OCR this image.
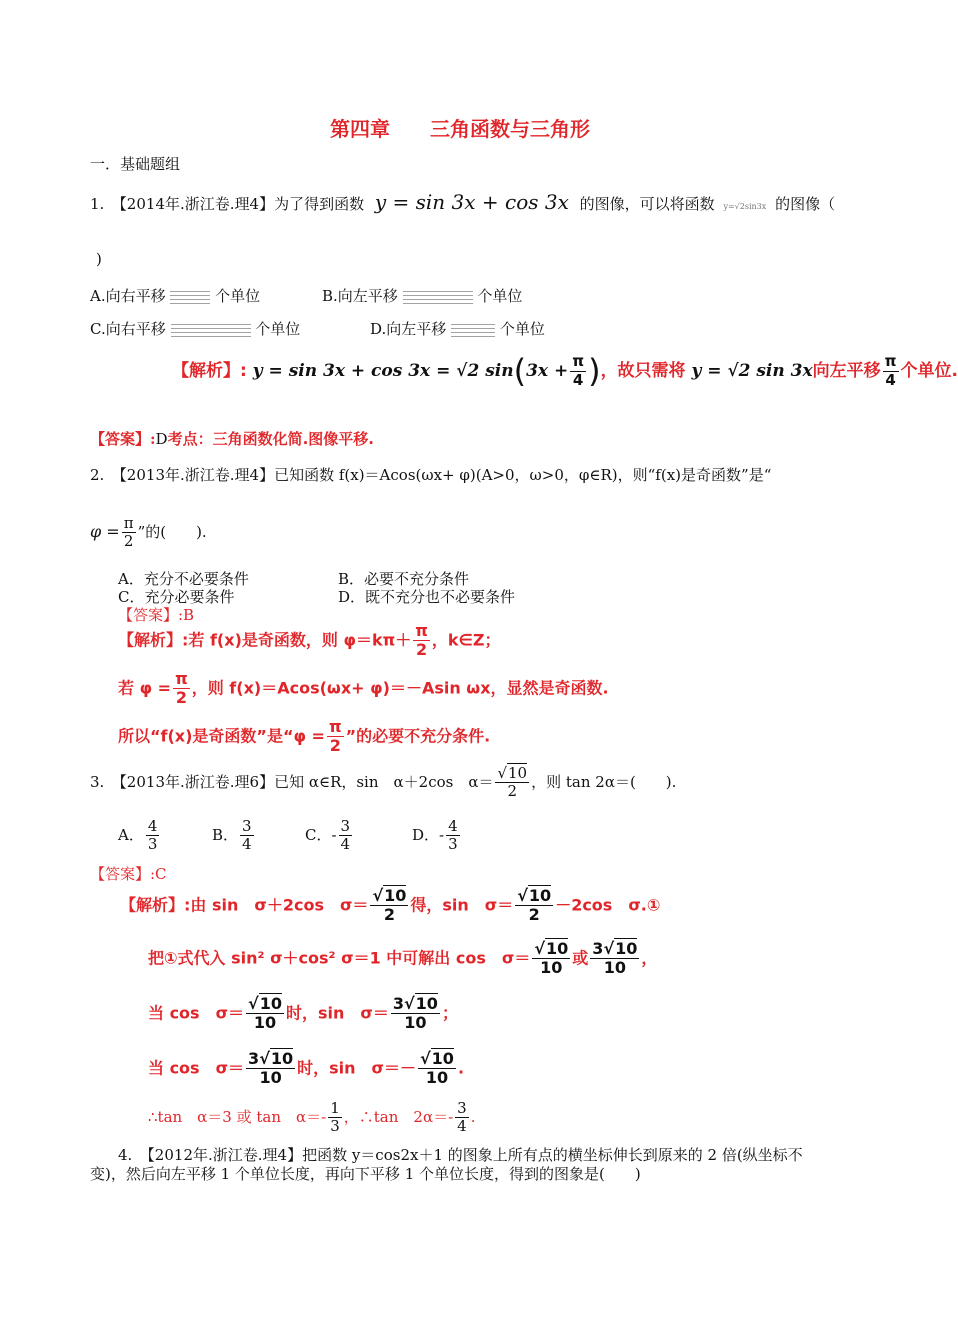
第四章　　三角函数与三角形
一．基础题组
1.　【2014年.浙江卷.理4】为了得到函数 y = sin 3x + cos 3x 的图像，可以将函数 y=√2sin3x 的图像（
)
A.向右平移	个单位	B.向左平移	个单位
C.向右平移	个单位	D.向左平移	个单位
【解析】: y = sin 3x + cos 3x = √2 $\sin(3x + \frac{\pi}{4}$ )，故只需将 y = √2 sin 3x向左平移 $\frac{\pi}{4}$ 个单位.
【答案】:D考点：三角函数化简.图像平移.
2.　【2013年.浙江卷.理4】已知函数 f(x)＝Acos(ωx+ φ)(A>0，ω>0，φ∈R)，则“f(x)是奇函数”是“
$\varphi = \frac{\pi}{2}$ ”的(　　).
A．充分不必要条件	B．必要不充分条件
C．充分必要条件	D．既不充分也不必要条件
【答案】:B
【解析】:若 f(x)是奇函数，则 $\varphi=k\pi+ \frac{\pi}{2}$ ，k∈Z；
若 $\varphi = \frac{\pi}{2}$ ，则 f(x)＝Acos(ωx+ φ)＝－Asin ωx，显然是奇函数.
所以“f(x)是奇函数”是“$\varphi = \frac{\pi}{2}$ ”的必要不充分条件.
3.　【2013年.浙江卷.理6】已知 α∈R，sin　α＋2cos　$\alpha= \frac{√10}{2}$ ，则 tan 2α＝(　　).
A． $\frac{4}{3}$	B． $\frac{3}{4}$	C．- $\frac{3}{4}$	D．- $\frac{4}{3}$
【答案】:C
【解析】:由 sin　σ＋2cos　$\sigma= \frac{√10}{2}$ 得，sin　$\sigma= \frac{√10}{2} -2\cos$　σ.①
把①式代入 sin² σ＋cos² σ＝1 中可解出 cos　$\sigma= \frac{√10}{10}$ 或 $\frac{3√10}{10}$ ，
当 cos　$\sigma= \frac{√10}{10}$ 时，sin　$\sigma= \frac{3√10}{10}$ ；
当 cos　$\sigma= \frac{3√10}{10}$ 时，sin　$\sigma=- \frac{√10}{10}$ .
∴tan　α＝3 或 tan　$\alpha=- \frac{1}{3}$ ，∴tan　$2\alpha=- \frac{3}{4}$ .
4.　【2012年.浙江卷.理4】把函数 y＝cos2x＋1 的图象上所有点的横坐标伸长到原来的 2 倍(纵坐标不
变)，然后向左平移 1 个单位长度，再向下平移 1 个单位长度，得到的图象是(　　)
